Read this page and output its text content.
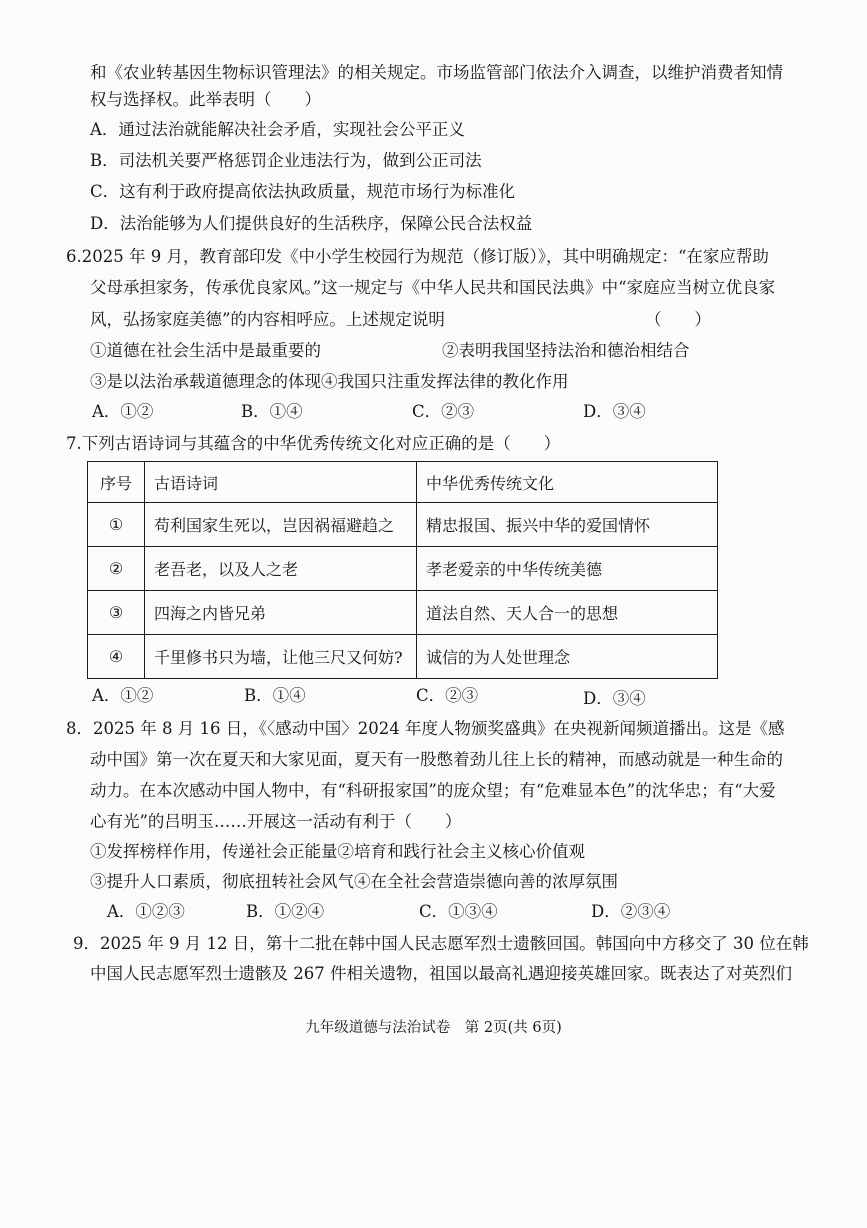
和《农业转基因生物标识管理法》的相关规定。市场监管部门依法介入调查，以维护消费者知情
权与选择权。此举表明（　　）
A．通过法治就能解决社会矛盾，实现社会公平正义
B．司法机关要严格惩罚企业违法行为，做到公正司法
C．这有利于政府提高依法执政质量，规范市场行为标准化
D．法治能够为人们提供良好的生活秩序，保障公民合法权益
6.2025 年 9 月，教育部印发《中小学生校园行为规范（修订版）》，其中明确规定：“在家应帮助
父母承担家务，传承优良家风。”这一规定与《中华人民共和国民法典》中“家庭应当树立优良家
风，弘扬家庭美德”的内容相呼应。上述规定说明	（　　）
①道德在社会生活中是最重要的	②表明我国坚持法治和德治相结合
③是以法治承载道德理念的体现④我国只注重发挥法律的教化作用
A．①②	B．①④	C．②③	D．③④
7.下列古语诗词与其蕴含的中华优秀传统文化对应正确的是（　　）
序号	古语诗词	中华优秀传统文化
①	苟利国家生死以，岂因祸福避趋之	精忠报国、振兴中华的爱国情怀
②	老吾老，以及人之老	孝老爱亲的中华传统美德
③	四海之内皆兄弟	道法自然、天人合一的思想
④	千里修书只为墙，让他三尺又何妨?	诚信的为人处世理念
A．①②	B．①④	C．②③	D．③④
8．2025 年 8 月 16 日，《〈感动中国〉2024 年度人物颁奖盛典》在央视新闻频道播出。这是《感
动中国》第一次在夏天和大家见面，夏天有一股憋着劲儿往上长的精神，而感动就是一种生命的
动力。在本次感动中国人物中，有“科研报家国”的庞众望；有“危难显本色”的沈华忠；有“大爱
心有光”的吕明玉……开展这一活动有利于（　　）
①发挥榜样作用，传递社会正能量②培育和践行社会主义核心价值观
③提升人口素质，彻底扭转社会风气④在全社会营造崇德向善的浓厚氛围
A．①②③	B．①②④	C．①③④	D．②③④
9．2025 年 9 月 12 日，第十二批在韩中国人民志愿军烈士遗骸回国。韩国向中方移交了 30 位在韩
中国人民志愿军烈士遗骸及 267 件相关遗物，祖国以最高礼遇迎接英雄回家。既表达了对英烈们
九年级道德与法治试卷　第 2页(共 6页)
